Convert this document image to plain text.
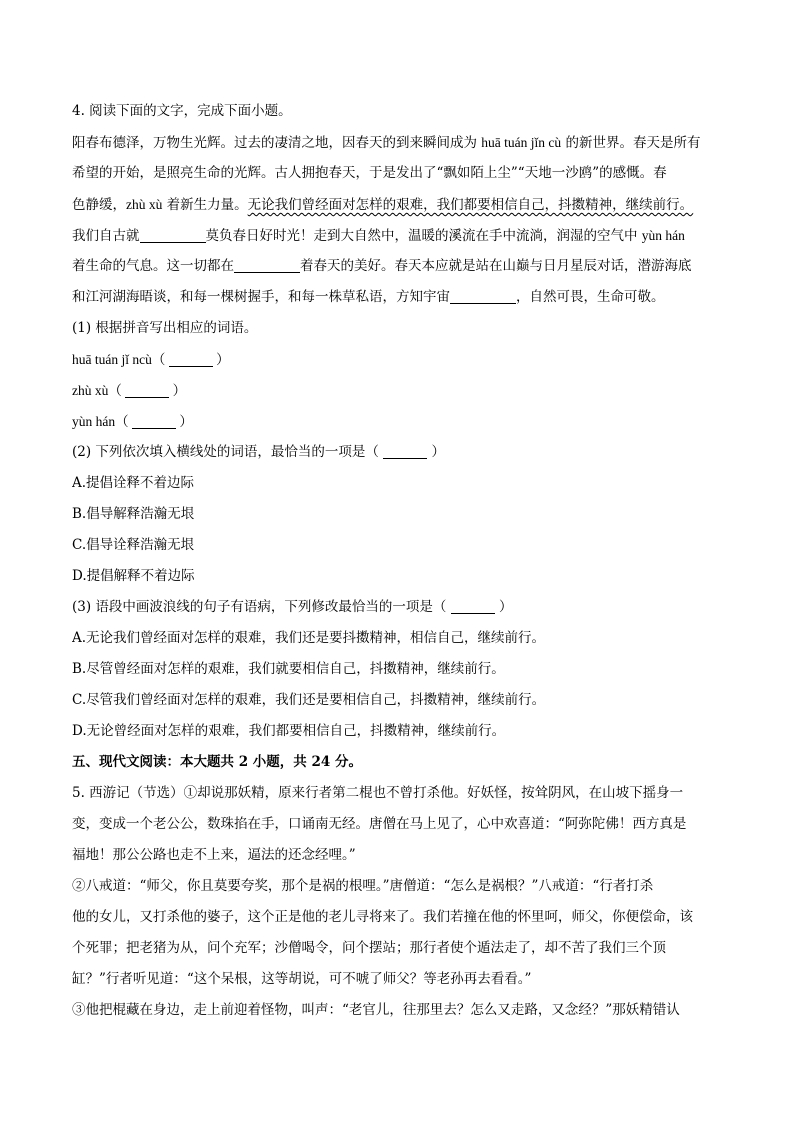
4. 阅读下面的文字，完成下面小题。
阳春布德泽，万物生光辉。过去的凄清之地，因春天的到来瞬间成为 huā tuán jǐn cù 的新世界。春天是所有
希望的开始，是照亮生命的光辉。古人拥抱春天，于是发出了“飘如陌上尘”“天地一沙鸥”的感慨。春
色静缓，zhù xù 着新生力量。无论我们曾经面对怎样的艰难，我们都要相信自己，抖擞精神，继续前行。
我们自古就	莫负春日好时光！走到大自然中，温暖的溪流在手中流淌，润湿的空气中 yùn hán
着生命的气息。这一切都在	着春天的美好。春天本应就是站在山巅与日月星辰对话，潜游海底
和江河湖海晤谈，和每一棵树握手，和每一株草私语，方知宇宙	，自然可畏，生命可敬。
(1) 根据拼音写出相应的词语。
huā tuán jǐ ncù（	）
zhù xù（	）
yùn hán（	）
(2) 下列依次填入横线处的词语，最恰当的一项是（	）
A.提倡诠释不着边际
B.倡导解释浩瀚无垠
C.倡导诠释浩瀚无垠
D.提倡解释不着边际
(3) 语段中画波浪线的句子有语病，下列修改最恰当的一项是（	）
A.无论我们曾经面对怎样的艰难，我们还是要抖擞精神，相信自己，继续前行。
B.尽管曾经面对怎样的艰难，我们就要相信自己，抖擞精神，继续前行。
C.尽管我们曾经面对怎样的艰难，我们还是要相信自己，抖擞精神，继续前行。
D.无论曾经面对怎样的艰难，我们都要相信自己，抖擞精神，继续前行。
五、现代文阅读：本大题共 2 小题，共 24 分。
5. 西游记（节选）①却说那妖精，原来行者第二棍也不曾打杀他。好妖怪，按耸阴风，在山坡下摇身一
变，变成一个老公公，数珠掐在手，口诵南无经。唐僧在马上见了，心中欢喜道：“阿弥陀佛！西方真是
福地！那公公路也走不上来，逼法的还念经哩。”
②八戒道：“师父，你且莫要夸奖，那个是祸的根哩。”唐僧道：“怎么是祸根？”八戒道：“行者打杀
他的女儿，又打杀他的婆子，这个正是他的老儿寻将来了。我们若撞在他的怀里呵，师父，你便偿命，该
个死罪；把老猪为从，问个充军；沙僧喝令，问个摆站；那行者使个遁法走了，却不苦了我们三个顶
缸？”行者听见道：“这个呆根，这等胡说，可不唬了师父？等老孙再去看看。”
③他把棍藏在身边，走上前迎着怪物，叫声：“老官儿，往那里去？怎么又走路，又念经？”那妖精错认
